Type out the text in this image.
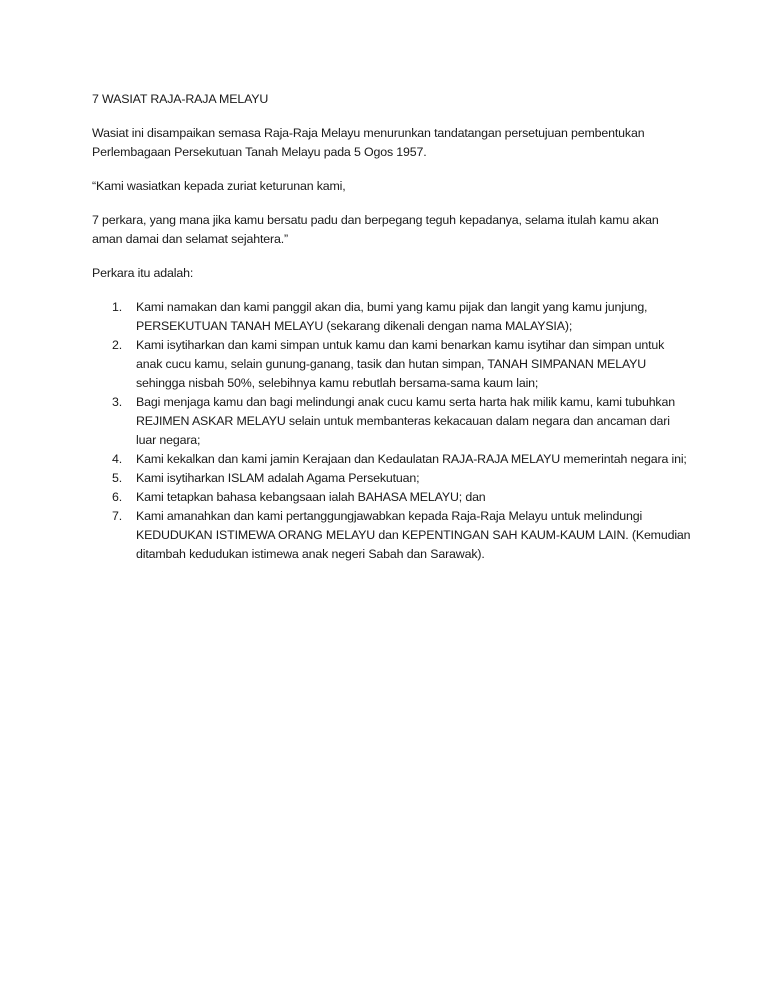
7 WASIAT RAJA-RAJA MELAYU

Wasiat ini disampaikan semasa Raja-Raja Melayu menurunkan tandatangan persetujuan pembentukan Perlembagaan Persekutuan Tanah Melayu pada 5 Ogos 1957.

“Kami wasiatkan kepada zuriat keturunan kami,

7 perkara, yang mana jika kamu bersatu padu dan berpegang teguh kepadanya, selama itulah kamu akan aman damai dan selamat sejahtera.”

Perkara itu adalah:

1. Kami namakan dan kami panggil akan dia, bumi yang kamu pijak dan langit yang kamu junjung, PERSEKUTUAN TANAH MELAYU (sekarang dikenali dengan nama MALAYSIA);
2. Kami isytiharkan dan kami simpan untuk kamu dan kami benarkan kamu isytihar dan simpan untuk anak cucu kamu, selain gunung-ganang, tasik dan hutan simpan, TANAH SIMPANAN MELAYU sehingga nisbah 50%, selebihnya kamu rebutlah bersama-sama kaum lain;
3. Bagi menjaga kamu dan bagi melindungi anak cucu kamu serta harta hak milik kamu, kami tubuhkan REJIMEN ASKAR MELAYU selain untuk membanteras kekacauan dalam negara dan ancaman dari luar negara;
4. Kami kekalkan dan kami jamin Kerajaan dan Kedaulatan RAJA-RAJA MELAYU memerintah negara ini;
5. Kami isytiharkan ISLAM adalah Agama Persekutuan;
6. Kami tetapkan bahasa kebangsaan ialah BAHASA MELAYU; dan
7. Kami amanahkan dan kami pertanggungjawabkan kepada Raja-Raja Melayu untuk melindungi KEDUDUKAN ISTIMEWA ORANG MELAYU dan KEPENTINGAN SAH KAUM-KAUM LAIN. (Kemudian ditambah kedudukan istimewa anak negeri Sabah dan Sarawak).
